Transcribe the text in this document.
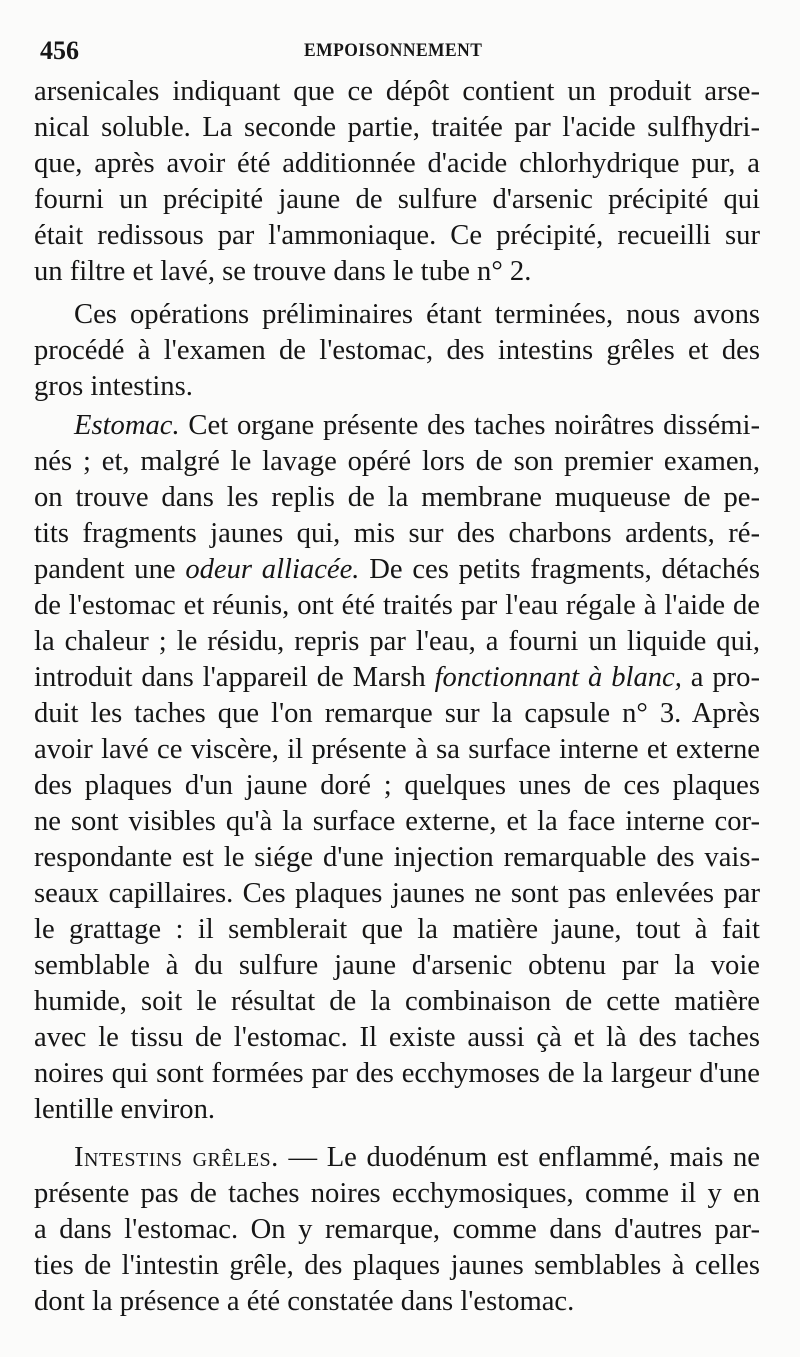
456	EMPOISONNEMENT
arsenicales indiquant que ce dépôt contient un produit arse-
nical soluble. La seconde partie, traitée par l'acide sulfhydri-
que, après avoir été additionnée d'acide chlorhydrique pur, a
fourni un précipité jaune de sulfure d'arsenic précipité qui
était redissous par l'ammoniaque. Ce précipité, recueilli sur
un filtre et lavé, se trouve dans le tube n° 2.
Ces opérations préliminaires étant terminées, nous avons
procédé à l'examen de l'estomac, des intestins grêles et des
gros intestins.
Estomac. Cet organe présente des taches noirâtres dissémi-
nés ; et, malgré le lavage opéré lors de son premier examen,
on trouve dans les replis de la membrane muqueuse de pe-
tits fragments jaunes qui, mis sur des charbons ardents, ré-
pandent une odeur alliacée. De ces petits fragments, détachés
de l'estomac et réunis, ont été traités par l'eau régale à l'aide de
la chaleur ; le résidu, repris par l'eau, a fourni un liquide qui,
introduit dans l'appareil de Marsh fonctionnant à blanc, a pro-
duit les taches que l'on remarque sur la capsule n° 3. Après
avoir lavé ce viscère, il présente à sa surface interne et externe
des plaques d'un jaune doré ; quelques unes de ces plaques
ne sont visibles qu'à la surface externe, et la face interne cor-
respondante est le siége d'une injection remarquable des vais-
seaux capillaires. Ces plaques jaunes ne sont pas enlevées par
le grattage : il semblerait que la matière jaune, tout à fait
semblable à du sulfure jaune d'arsenic obtenu par la voie
humide, soit le résultat de la combinaison de cette matière
avec le tissu de l'estomac. Il existe aussi çà et là des taches
noires qui sont formées par des ecchymoses de la largeur d'une
lentille environ.
Intestins grêles. — Le duodénum est enflammé, mais ne
présente pas de taches noires ecchymosiques, comme il y en
a dans l'estomac. On y remarque, comme dans d'autres par-
ties de l'intestin grêle, des plaques jaunes semblables à celles
dont la présence a été constatée dans l'estomac.
